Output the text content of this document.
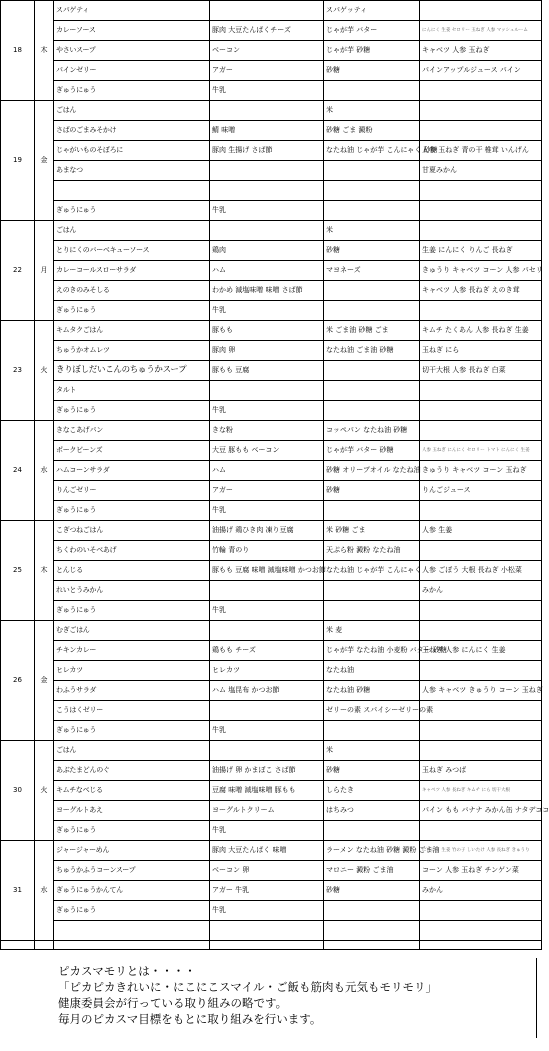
18	木	スパゲティ		スパゲッティ	
		カレーソース	豚肉 大豆たんぱくチーズ	じゃが芋 バター	にんにく 生姜 セロリー 玉ねぎ 人参 マッシュルーム
		やさいスープ	ベーコン	じゃが芋 砂糖	キャベツ 人参 玉ねぎ
		パインゼリー	アガー	砂糖	パインアップルジュース パイン
		ぎゅうにゅう	牛乳		
19	金	ごはん		米	
		さばのごまみそかけ	鯖 味噌	砂糖 ごま 澱粉	
		じゃがいものそぼろに	豚肉 生揚げ さば節	なたね油 じゃが芋 こんにゃく 砂糖	人参 玉ねぎ 青の干 椎茸 いんげん
		あまなつ			甘夏みかん

		ぎゅうにゅう	牛乳		
22	月	ごはん		米	
		とりにくのバーベキューソース	鶏肉	砂糖	生姜 にんにく りんご 長ねぎ
		カレーコールスローサラダ	ハム	マヨネーズ	きゅうり キャベツ コーン 人参 パセリ
		えのきのみそしる	わかめ 減塩味噌 味噌 さば節		キャベツ 人参 長ねぎ えのき茸
		ぎゅうにゅう	牛乳		
23	火	キムタクごはん	豚もも	米 ごま油 砂糖 ごま	キムチ たくあん 人参 長ねぎ 生姜
		ちゅうかオムレツ	豚肉 卵	なたね油 ごま油 砂糖	玉ねぎ にら
		きりぼしだいこんのちゅうかスープ	豚もも 豆腐		切干大根 人参 長ねぎ 白菜
		タルト			
		ぎゅうにゅう	牛乳		
24	水	きなこあげパン	きな粉	コッペパン なたね油 砂糖	
		ポークビーンズ	大豆 豚もも ベーコン	じゃが芋 バター 砂糖	人参 玉ねぎ にんにく セロリー トマト にんにく 生姜
		ハムコーンサラダ	ハム	砂糖 オリーブオイル なたね油	きゅうり キャベツ コーン 玉ねぎ
		りんごゼリー	アガー	砂糖	りんごジュース
		ぎゅうにゅう	牛乳		
25	木	こぎつねごはん	油揚げ 鶏ひき肉 凍り豆腐	米 砂糖 ごま	人参 生姜
		ちくわのいそべあげ	竹輪 青のり	天ぷら粉 澱粉 なたね油	
		とんじる	豚もも 豆腐 味噌 減塩味噌 かつお節	なたね油 じゃが芋 こんにゃく	人参 ごぼう 大根 長ねぎ 小松菜
		れいとうみかん			みかん
		ぎゅうにゅう	牛乳		
26	金	むぎごはん		米 麦	
		チキンカレー	鶏もも チーズ	じゃが芋 なたね油 小麦粉 バター 砂糖	玉ねぎ 人参 にんにく 生姜
		ヒレカツ	ヒレカツ	なたね油	
		わふうサラダ	ハム 塩昆布 かつお節	なたね油 砂糖	人参 キャベツ きゅうり コーン 玉ねぎ
		こうはくゼリー		ゼリーの素 スパイシーゼリーの素	
		ぎゅうにゅう	牛乳		
30	火	ごはん		米	
		あぶたまどんのぐ	油揚げ 卵 かまぼこ さば節	砂糖	玉ねぎ みつば
		キムチなべじる	豆腐 味噌 減塩味噌 豚もも	しらたき	キャベツ 人参 長ねぎ キムチ にら 切干大根
		ヨーグルトあえ	ヨーグルトクリーム	はちみつ	パイン もも バナナ みかん缶 ナタデココ
		ぎゅうにゅう	牛乳		
31	水	ジャージャーめん	豚肉 大豆たんぱく 味噌	ラーメン なたね油 砂糖 澱粉 ごま油	にんにく 生姜 竹の子 しいたけ 人参 長ねぎ きゅうり
		ちゅうかふうコーンスープ	ベーコン 卵	マロニー 澱粉 ごま油	コーン 人参 玉ねぎ チンゲン菜
		ぎゅうにゅうかんてん	アガー 牛乳	砂糖	みかん
		ぎゅうにゅう	牛乳		

ピカスマモリとは・・・・
「ピカピカきれいに・にこにこスマイル・ご飯も筋肉も元気もモリモリ」
健康委員会が行っている取り組みの略です。
毎月のピカスマ目標をもとに取り組みを行います。
